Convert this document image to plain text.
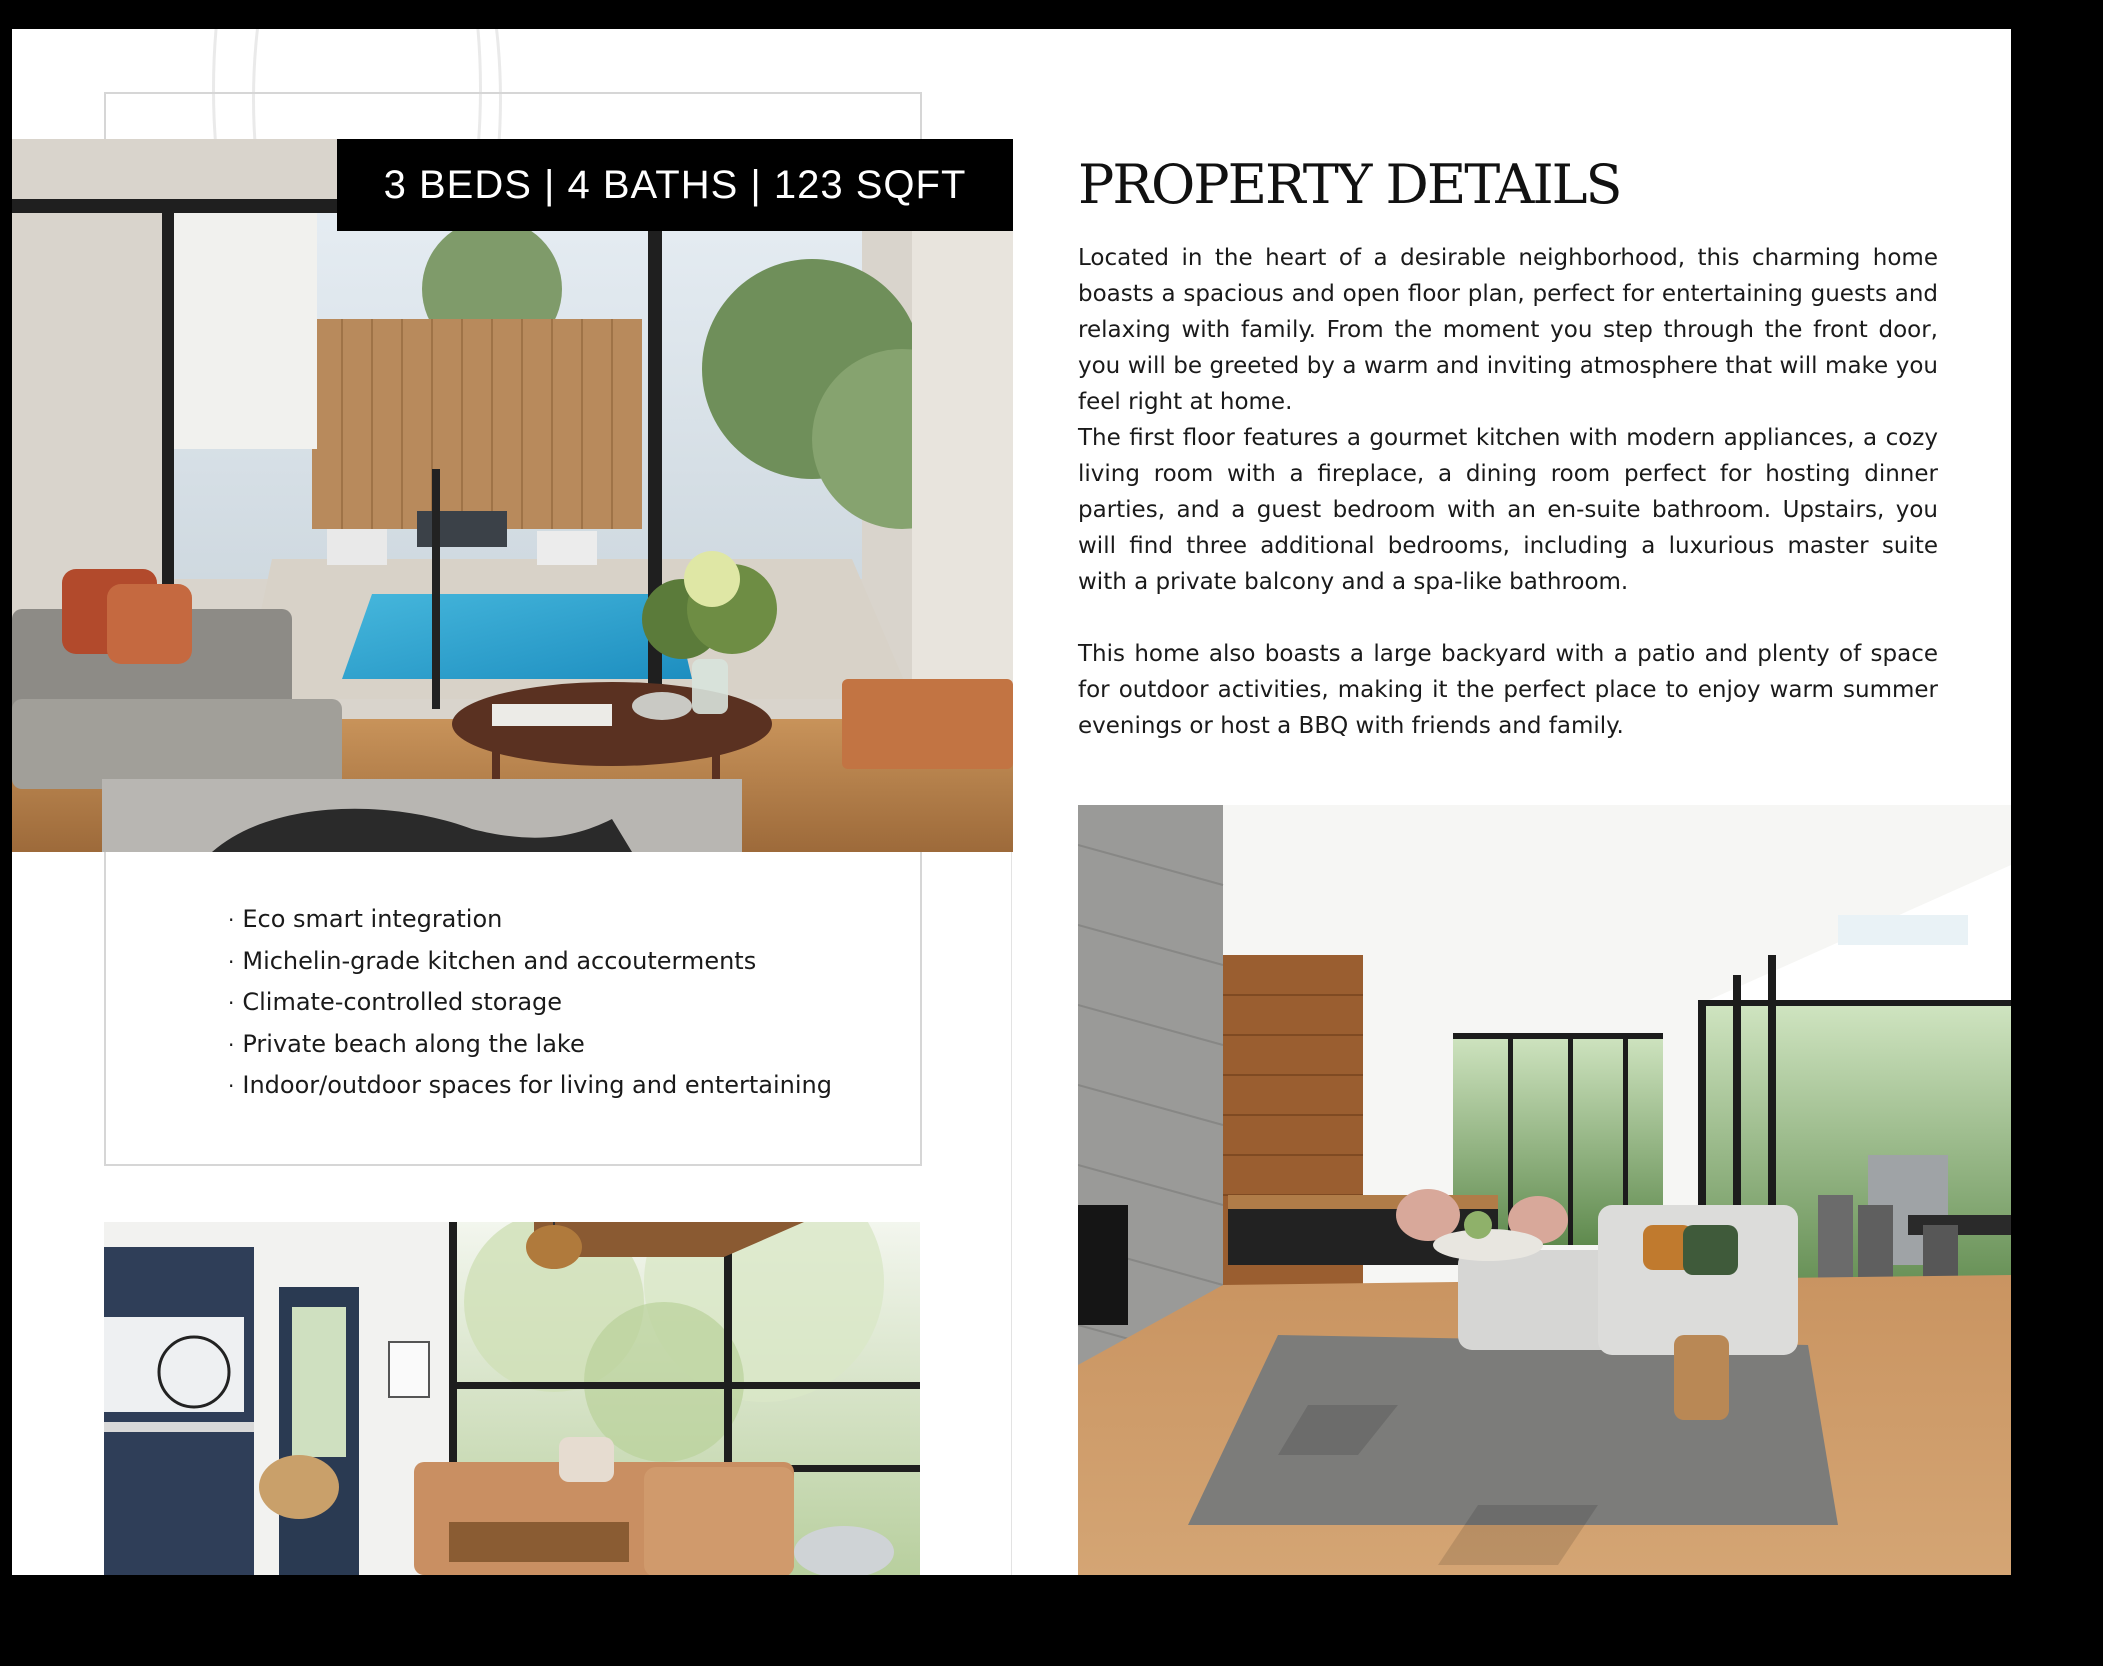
3 BEDS | 4 BATHS | 123 SQFT
· Eco smart integration
· Michelin-grade kitchen and accouterments
· Climate-controlled storage
· Private beach along the lake
· Indoor/outdoor spaces for living and entertaining
PROPERTY DETAILS

Located in the heart of a desirable neighborhood, this charming home boasts a spacious and open floor plan, perfect for entertaining guests and relaxing with family. From the moment you step through the front door, you will be greeted by a warm and inviting atmosphere that will make you feel right at home.

The first floor features a gourmet kitchen with modern appliances, a cozy living room with a fireplace, a dining room perfect for hosting dinner parties, and a guest bedroom with an en-suite bathroom. Upstairs, you will find three additional bedrooms, including a luxurious master suite with a private balcony and a spa-like bathroom.

This home also boasts a large backyard with a patio and plenty of space for outdoor activities, making it the perfect place to enjoy warm summer evenings or host a BBQ with friends and family.
